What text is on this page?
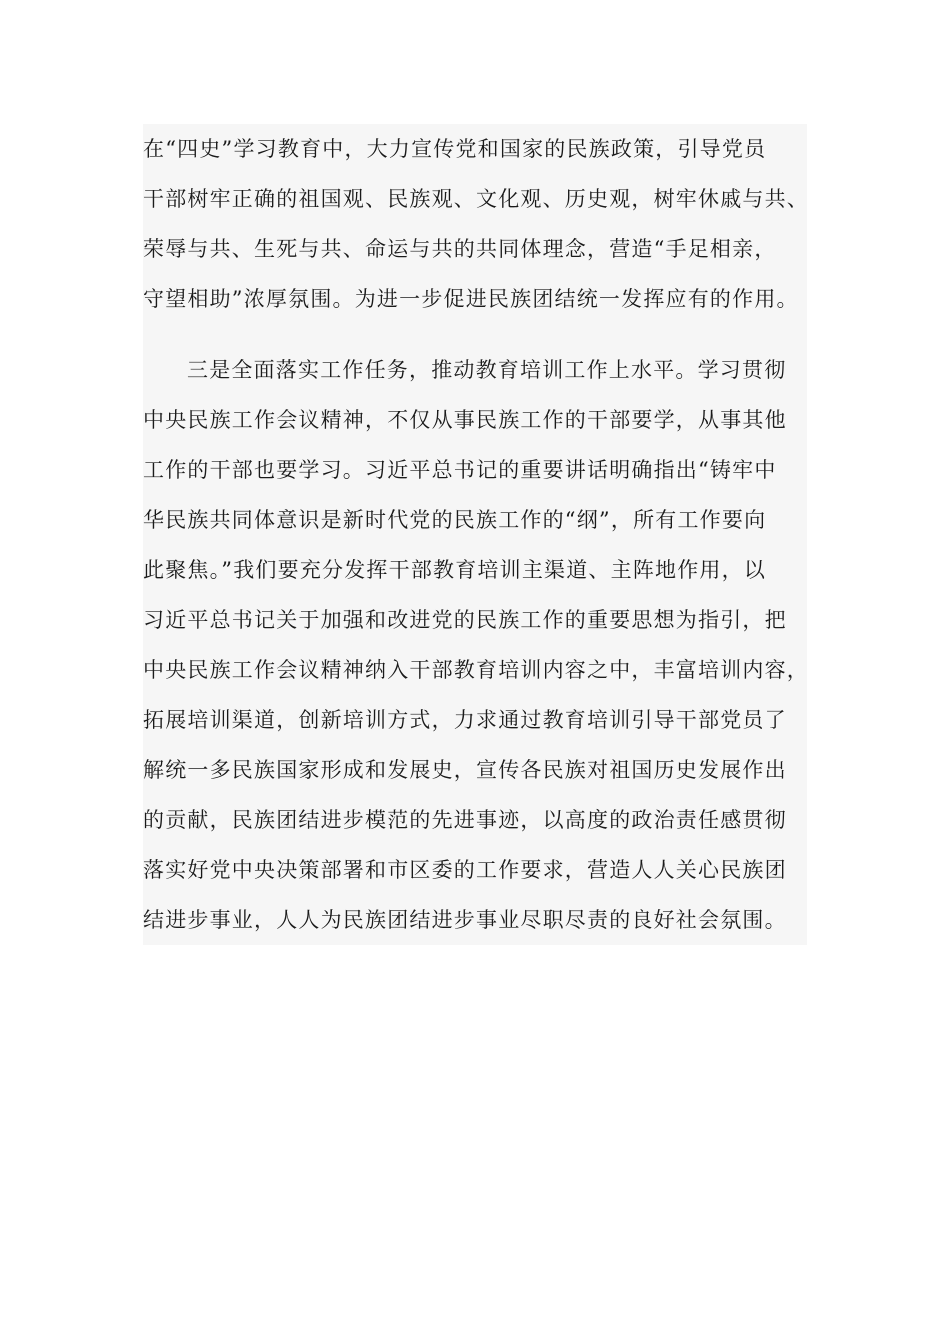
在“四史”学习教育中，大力宣传党和国家的民族政策，引导党员
干部树牢正确的祖国观、民族观、文化观、历史观，树牢休戚与共、
荣辱与共、生死与共、命运与共的共同体理念，营造“手足相亲，
守望相助”浓厚氛围。为进一步促进民族团结统一发挥应有的作用。
三是全面落实工作任务，推动教育培训工作上水平。学习贯彻
中央民族工作会议精神，不仅从事民族工作的干部要学，从事其他
工作的干部也要学习。习近平总书记的重要讲话明确指出“铸牢中
华民族共同体意识是新时代党的民族工作的“纲”，所有工作要向
此聚焦。”我们要充分发挥干部教育培训主渠道、主阵地作用，以
习近平总书记关于加强和改进党的民族工作的重要思想为指引，把
中央民族工作会议精神纳入干部教育培训内容之中，丰富培训内容，
拓展培训渠道，创新培训方式，力求通过教育培训引导干部党员了
解统一多民族国家形成和发展史，宣传各民族对祖国历史发展作出
的贡献，民族团结进步模范的先进事迹，以高度的政治责任感贯彻
落实好党中央决策部署和市区委的工作要求，营造人人关心民族团
结进步事业，人人为民族团结进步事业尽职尽责的良好社会氛围。
